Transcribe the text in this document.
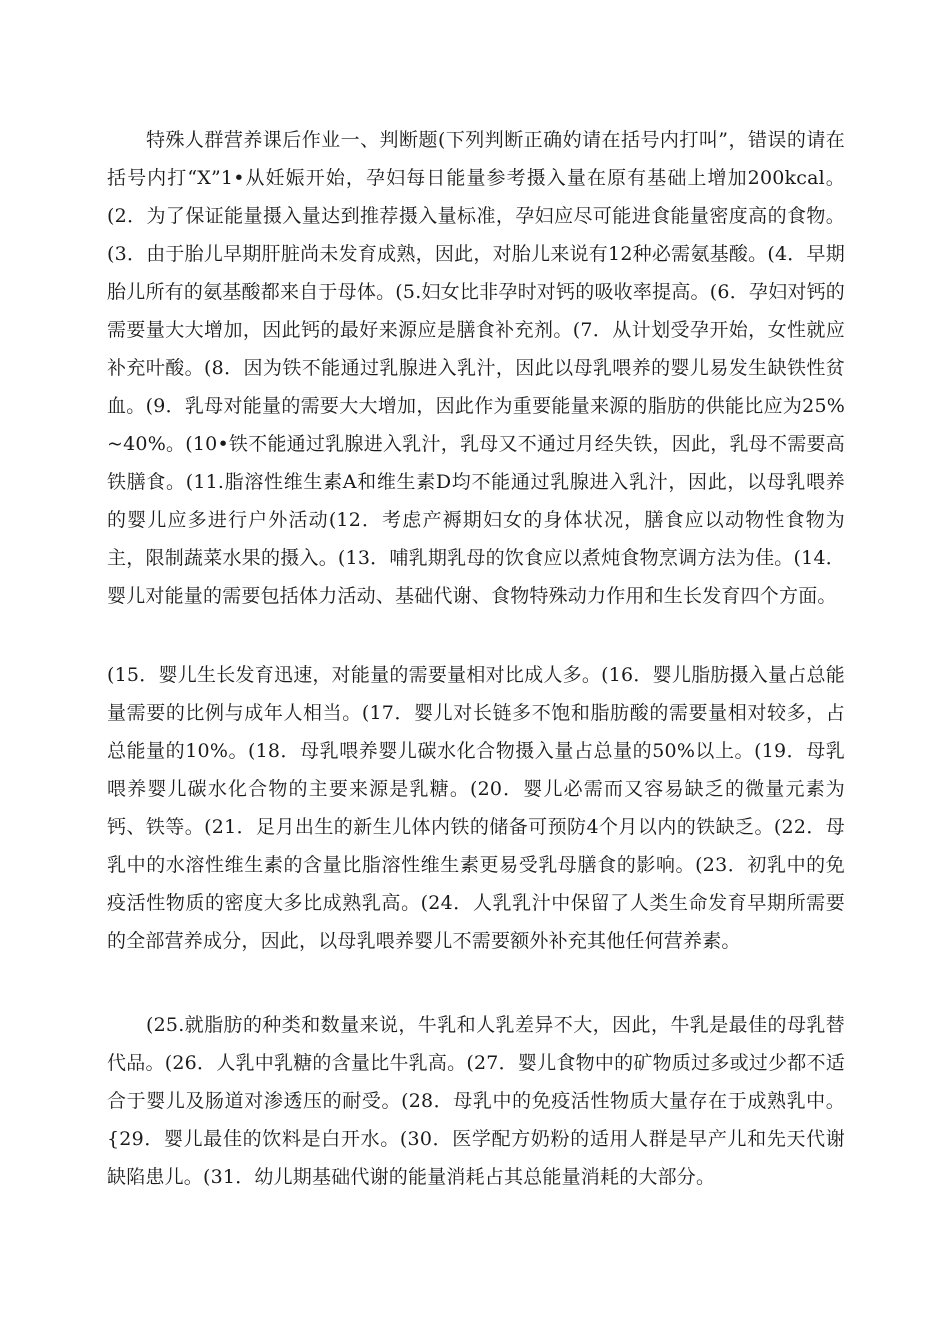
特殊人群营养课后作业一、判断题(下列判断正确妁请在括号内打叫”，错误的请在括号内打“X”1•从妊娠开始，孕妇每日能量参考摄入量在原有基础上增加200kcal。(2．为了保证能量摄入量达到推荐摄入量标准，孕妇应尽可能进食能量密度高的食物。(3．由于胎儿早期肝脏尚未发育成熟，因此，对胎儿来说有12种必需氨基酸。(4．早期胎儿所有的氨基酸都来自于母体。(5.妇女比非孕时对钙的吸收率提高。(6．孕妇对钙的需要量大大增加，因此钙的最好来源应是膳食补充剂。(7．从计划受孕开始，女性就应补充叶酸。(8．因为铁不能通过乳腺进入乳汁，因此以母乳喂养的婴儿易发生缺铁性贫血。(9．乳母对能量的需要大大增加，因此作为重要能量来源的脂肪的供能比应为25%~40%。(10•铁不能通过乳腺进入乳汁，乳母又不通过月经失铁，因此，乳母不需要高铁膳食。(11.脂溶性维生素A和维生素D均不能通过乳腺进入乳汁，因此，以母乳喂养的婴儿应多进行户外活动(12．考虑产褥期妇女的身体状况，膳食应以动物性食物为主，限制蔬菜水果的摄入。(13．哺乳期乳母的饮食应以煮炖食物烹调方法为佳。(14．婴儿对能量的需要包括体力活动、基础代谢、食物特殊动力作用和生长发育四个方面。

(15．婴儿生长发育迅速，对能量的需要量相对比成人多。(16．婴儿脂肪摄入量占总能量需要的比例与成年人相当。(17．婴儿对长链多不饱和脂肪酸的需要量相对较多，占总能量的10%。(18．母乳喂养婴儿碳水化合物摄入量占总量的50%以上。(19．母乳喂养婴儿碳水化合物的主要来源是乳糖。(20．婴儿必需而又容易缺乏的微量元素为钙、铁等。(21．足月出生的新生儿体内铁的储备可预防4个月以内的铁缺乏。(22．母乳中的水溶性维生素的含量比脂溶性维生素更易受乳母膳食的影响。(23．初乳中的免疫活性物质的密度大多比成熟乳高。(24．人乳乳汁中保留了人类生命发育早期所需要的全部营养成分，因此，以母乳喂养婴儿不需要额外补充其他任何营养素。

(25.就脂肪的种类和数量来说，牛乳和人乳差异不大，因此，牛乳是最佳的母乳替代品。(26．人乳中乳糖的含量比牛乳高。(27．婴儿食物中的矿物质过多或过少都不适合于婴儿及肠道对渗透压的耐受。(28．母乳中的免疫活性物质大量存在于成熟乳中。{29．婴儿最佳的饮料是白开水。(30．医学配方奶粉的适用人群是早产儿和先天代谢缺陷患儿。(31．幼儿期基础代谢的能量消耗占其总能量消耗的大部分。
